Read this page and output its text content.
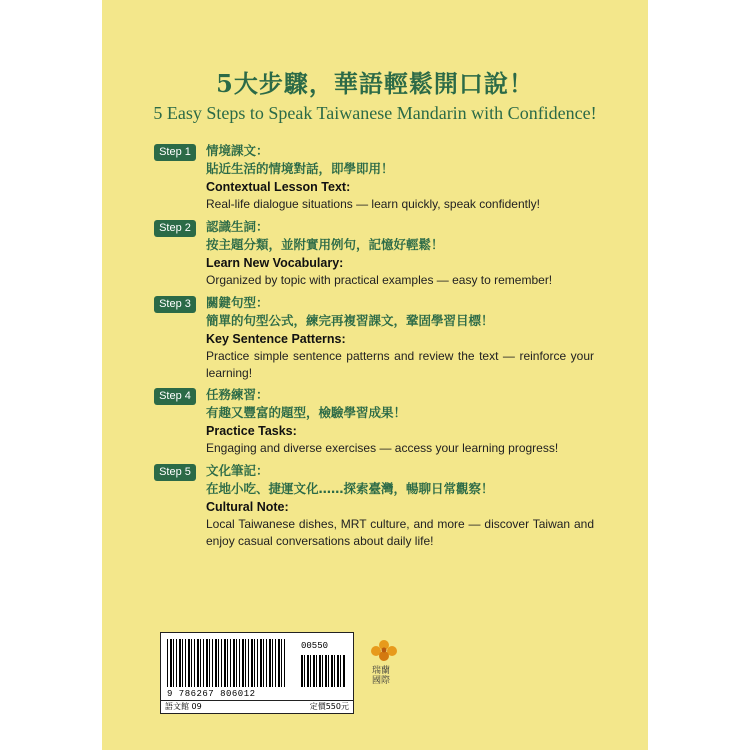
5大步驟，華語輕鬆開口說！
5 Easy Steps to Speak Taiwanese Mandarin with Confidence!
Step 1	情境課文：
貼近生活的情境對話，即學即用！
Contextual Lesson Text:
Real-life dialogue situations — learn quickly, speak confidently!
Step 2	認識生詞：
按主題分類，並附實用例句，記憶好輕鬆！
Learn New Vocabulary:
Organized by topic with practical examples — easy to remember!
Step 3	關鍵句型：
簡單的句型公式，練完再複習課文，鞏固學習目標！
Key Sentence Patterns:
Practice simple sentence patterns and review the text — reinforce your learning!
Step 4	任務練習：
有趣又豐富的題型，檢驗學習成果！
Practice Tasks:
Engaging and diverse exercises — access your learning progress!
Step 5	文化筆記：
在地小吃、捷運文化……探索臺灣，暢聊日常觀察！
Cultural Note:
Local Taiwanese dishes, MRT culture, and more — discover Taiwan and enjoy casual conversations about daily life!
00550
9 786267 806012
語文館 09	定價550元
瑞蘭國際
